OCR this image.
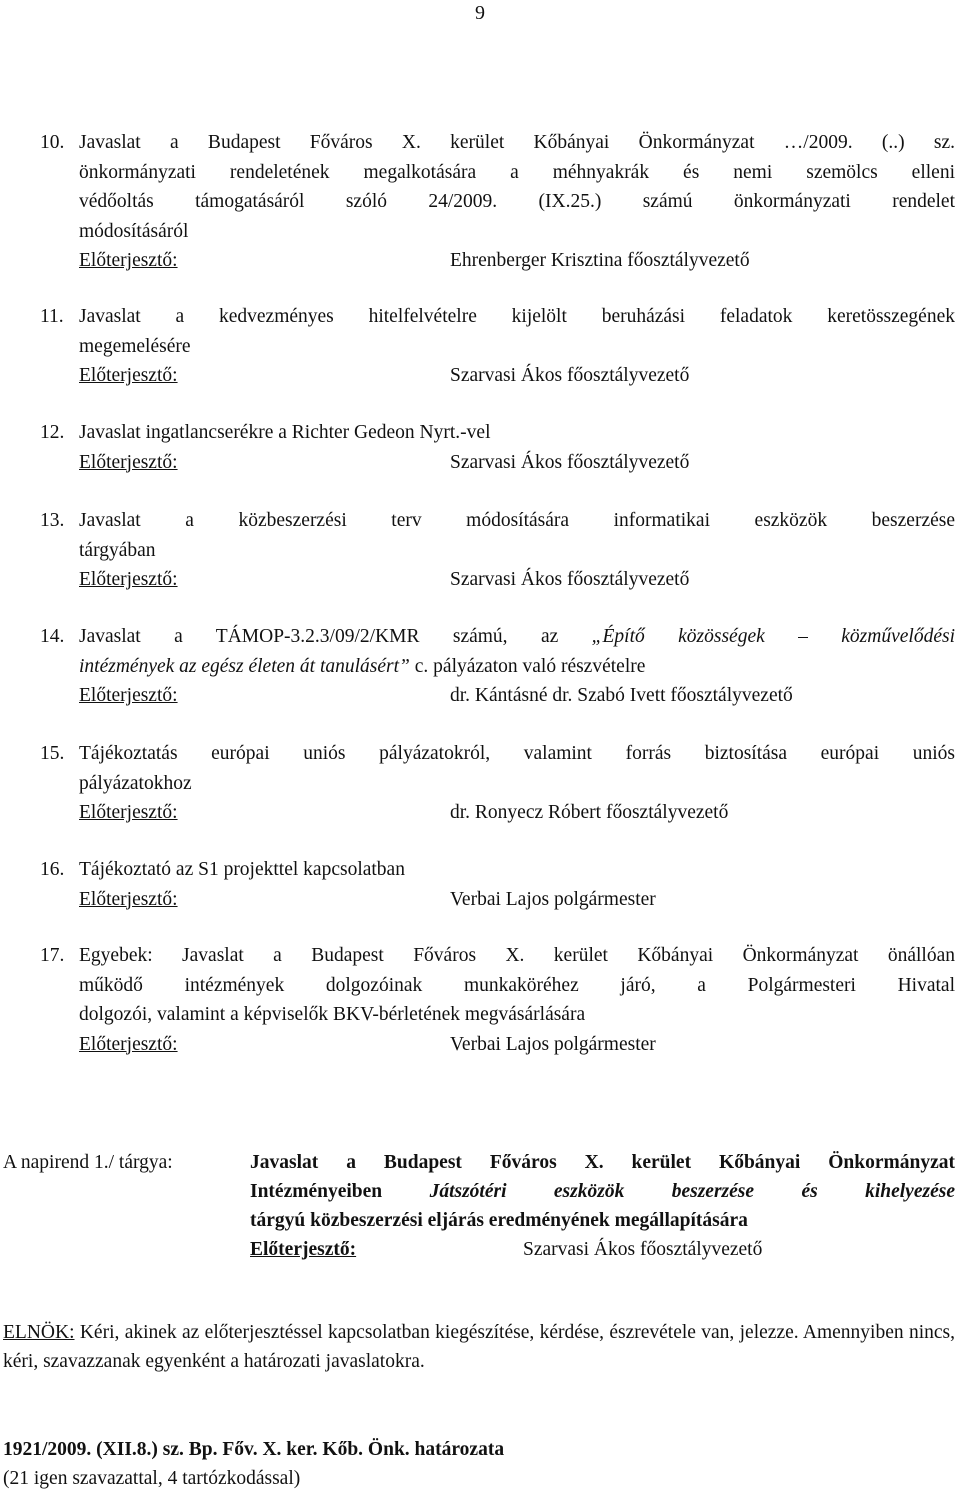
9
10. Javaslat a Budapest Főváros X. kerület Kőbányai Önkormányzat …/2009. (..) sz.
önkormányzati rendeletének megalkotására a méhnyakrák és nemi szemölcs elleni
védőoltás támogatásáról szóló 24/2009. (IX.25.) számú önkormányzati rendelet
módosításáról
Előterjesztő:	Ehrenberger Krisztina főosztályvezető
11. Javaslat a kedvezményes hitelfelvételre kijelölt beruházási feladatok keretösszegének
megemelésére
Előterjesztő:	Szarvasi Ákos főosztályvezető
12. Javaslat ingatlancserékre a Richter Gedeon Nyrt.-vel
Előterjesztő:	Szarvasi Ákos főosztályvezető
13. Javaslat a közbeszerzési terv módosítására informatikai eszközök beszerzése
tárgyában
Előterjesztő:	Szarvasi Ákos főosztályvezető
14. Javaslat a TÁMOP-3.2.3/09/2/KMR számú, az „Építő közösségek – közművelődési
intézmények az egész életen át tanulásért” c. pályázaton való részvételre
Előterjesztő:	dr. Kántásné dr. Szabó Ivett főosztályvezető
15. Tájékoztatás európai uniós pályázatokról, valamint forrás biztosítása európai uniós
pályázatokhoz
Előterjesztő:	dr. Ronyecz Róbert főosztályvezető
16. Tájékoztató az S1 projekttel kapcsolatban
Előterjesztő:	Verbai Lajos polgármester
17. Egyebek: Javaslat a Budapest Főváros X. kerület Kőbányai Önkormányzat önállóan
működő intézmények dolgozóinak munkaköréhez járó, a Polgármesteri Hivatal
dolgozói, valamint a képviselők BKV-bérletének megvásárlására
Előterjesztő:	Verbai Lajos polgármester
A napirend 1./ tárgya:	Javaslat a Budapest Főváros X. kerület Kőbányai Önkormányzat
Intézményeiben Játszótéri eszközök beszerzése és kihelyezése
tárgyú közbeszerzési eljárás eredményének megállapítására
Előterjesztő:	Szarvasi Ákos főosztályvezető
ELNÖK: Kéri, akinek az előterjesztéssel kapcsolatban kiegészítése, kérdése, észrevétele van, jelezze. Amennyiben nincs, kéri, szavazzanak egyenként a határozati javaslatokra.
1921/2009. (XII.8.) sz. Bp. Főv. X. ker. Kőb. Önk. határozata
(21 igen szavazattal, 4 tartózkodással)
